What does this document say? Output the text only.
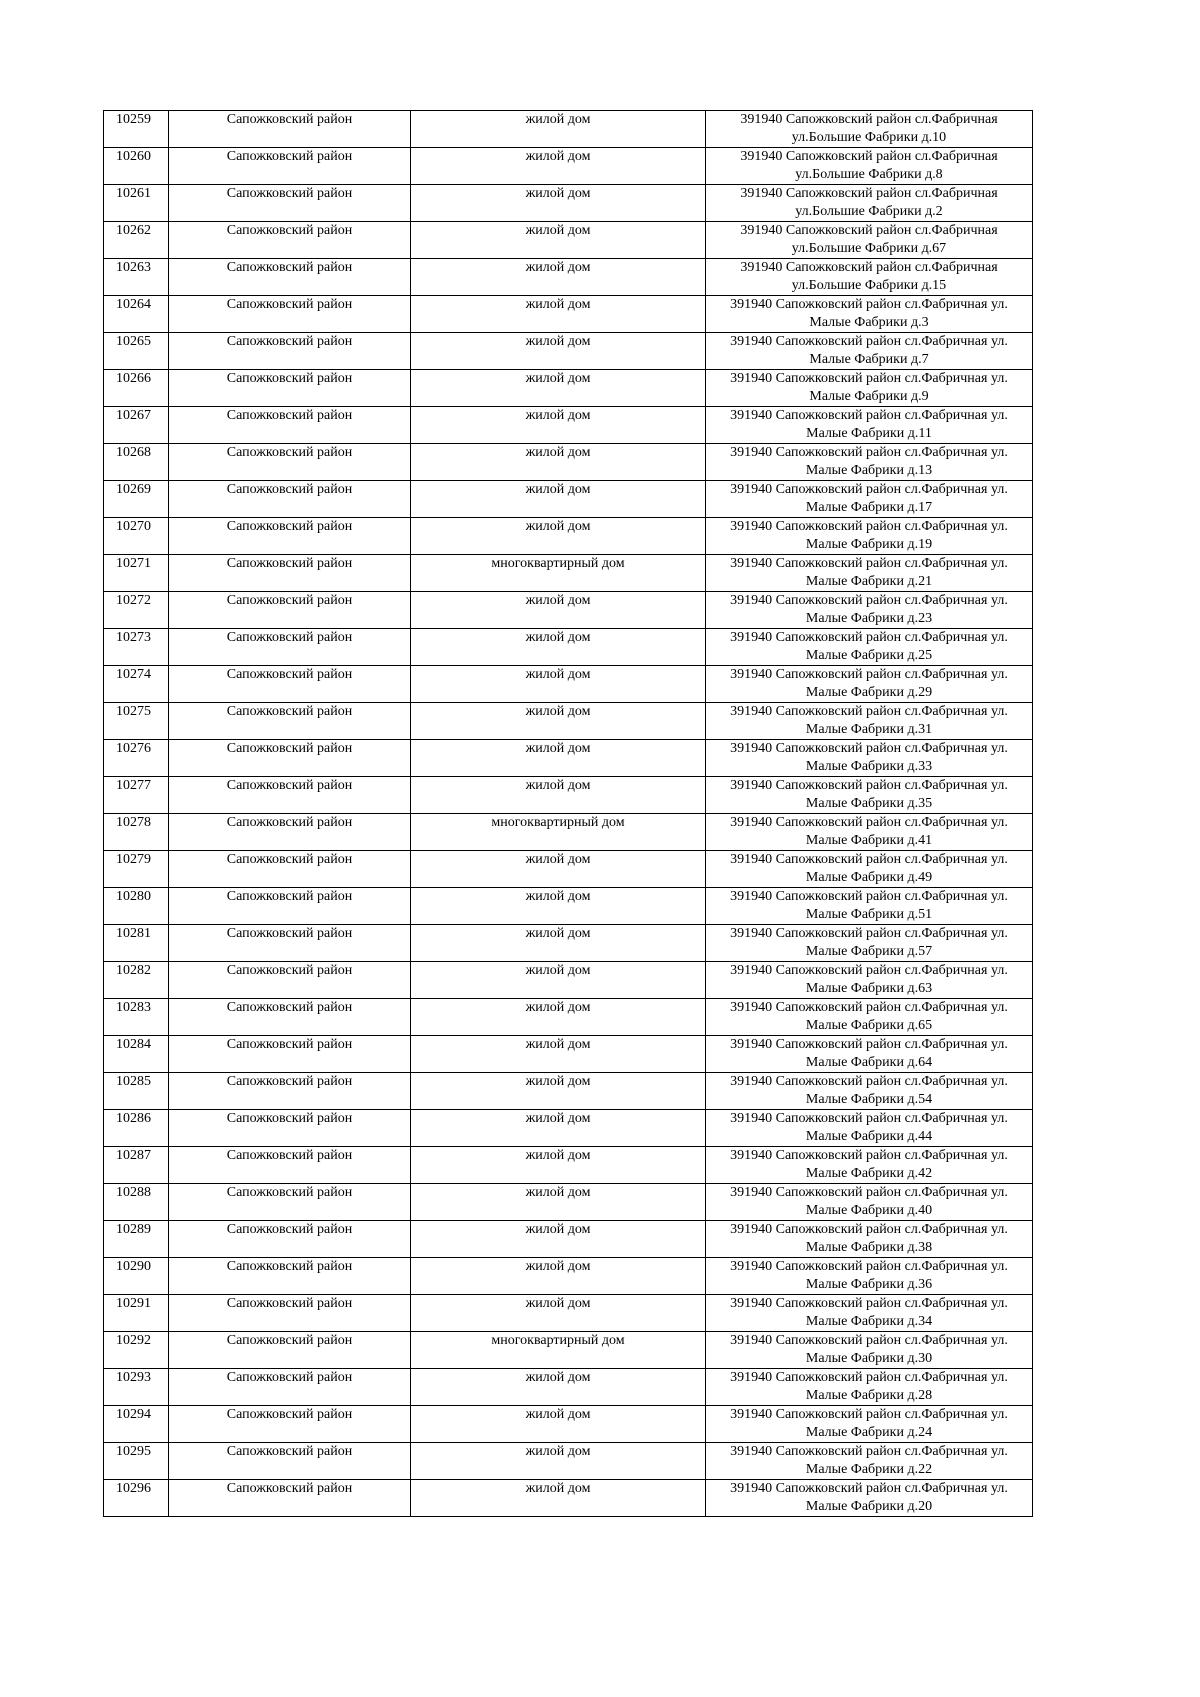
10259	Сапожковский район	жилой дом	391940 Сапожковский район сл.Фабричная ул.Большие Фабрики д.10
10260	Сапожковский район	жилой дом	391940 Сапожковский район сл.Фабричная ул.Большие Фабрики д.8
10261	Сапожковский район	жилой дом	391940 Сапожковский район сл.Фабричная ул.Большие Фабрики д.2
10262	Сапожковский район	жилой дом	391940 Сапожковский район сл.Фабричная ул.Большие Фабрики д.67
10263	Сапожковский район	жилой дом	391940 Сапожковский район сл.Фабричная ул.Большие Фабрики д.15
10264	Сапожковский район	жилой дом	391940 Сапожковский район сл.Фабричная ул. Малые Фабрики д.3
10265	Сапожковский район	жилой дом	391940 Сапожковский район сл.Фабричная ул. Малые Фабрики д.7
10266	Сапожковский район	жилой дом	391940 Сапожковский район сл.Фабричная ул. Малые Фабрики д.9
10267	Сапожковский район	жилой дом	391940 Сапожковский район сл.Фабричная ул. Малые Фабрики д.11
10268	Сапожковский район	жилой дом	391940 Сапожковский район сл.Фабричная ул. Малые Фабрики д.13
10269	Сапожковский район	жилой дом	391940 Сапожковский район сл.Фабричная ул. Малые Фабрики д.17
10270	Сапожковский район	жилой дом	391940 Сапожковский район сл.Фабричная ул. Малые Фабрики д.19
10271	Сапожковский район	многоквартирный дом	391940 Сапожковский район сл.Фабричная ул. Малые Фабрики д.21
10272	Сапожковский район	жилой дом	391940 Сапожковский район сл.Фабричная ул. Малые Фабрики д.23
10273	Сапожковский район	жилой дом	391940 Сапожковский район сл.Фабричная ул. Малые Фабрики д.25
10274	Сапожковский район	жилой дом	391940 Сапожковский район сл.Фабричная ул. Малые Фабрики д.29
10275	Сапожковский район	жилой дом	391940 Сапожковский район сл.Фабричная ул. Малые Фабрики д.31
10276	Сапожковский район	жилой дом	391940 Сапожковский район сл.Фабричная ул. Малые Фабрики д.33
10277	Сапожковский район	жилой дом	391940 Сапожковский район сл.Фабричная ул. Малые Фабрики д.35
10278	Сапожковский район	многоквартирный дом	391940 Сапожковский район сл.Фабричная ул. Малые Фабрики д.41
10279	Сапожковский район	жилой дом	391940 Сапожковский район сл.Фабричная ул. Малые Фабрики д.49
10280	Сапожковский район	жилой дом	391940 Сапожковский район сл.Фабричная ул. Малые Фабрики д.51
10281	Сапожковский район	жилой дом	391940 Сапожковский район сл.Фабричная ул. Малые Фабрики д.57
10282	Сапожковский район	жилой дом	391940 Сапожковский район сл.Фабричная ул. Малые Фабрики д.63
10283	Сапожковский район	жилой дом	391940 Сапожковский район сл.Фабричная ул. Малые Фабрики д.65
10284	Сапожковский район	жилой дом	391940 Сапожковский район сл.Фабричная ул. Малые Фабрики д.64
10285	Сапожковский район	жилой дом	391940 Сапожковский район сл.Фабричная ул. Малые Фабрики д.54
10286	Сапожковский район	жилой дом	391940 Сапожковский район сл.Фабричная ул. Малые Фабрики д.44
10287	Сапожковский район	жилой дом	391940 Сапожковский район сл.Фабричная ул. Малые Фабрики д.42
10288	Сапожковский район	жилой дом	391940 Сапожковский район сл.Фабричная ул. Малые Фабрики д.40
10289	Сапожковский район	жилой дом	391940 Сапожковский район сл.Фабричная ул. Малые Фабрики д.38
10290	Сапожковский район	жилой дом	391940 Сапожковский район сл.Фабричная ул. Малые Фабрики д.36
10291	Сапожковский район	жилой дом	391940 Сапожковский район сл.Фабричная ул. Малые Фабрики д.34
10292	Сапожковский район	многоквартирный дом	391940 Сапожковский район сл.Фабричная ул. Малые Фабрики д.30
10293	Сапожковский район	жилой дом	391940 Сапожковский район сл.Фабричная ул. Малые Фабрики д.28
10294	Сапожковский район	жилой дом	391940 Сапожковский район сл.Фабричная ул. Малые Фабрики д.24
10295	Сапожковский район	жилой дом	391940 Сапожковский район сл.Фабричная ул. Малые Фабрики д.22
10296	Сапожковский район	жилой дом	391940 Сапожковский район сл.Фабричная ул. Малые Фабрики д.20
